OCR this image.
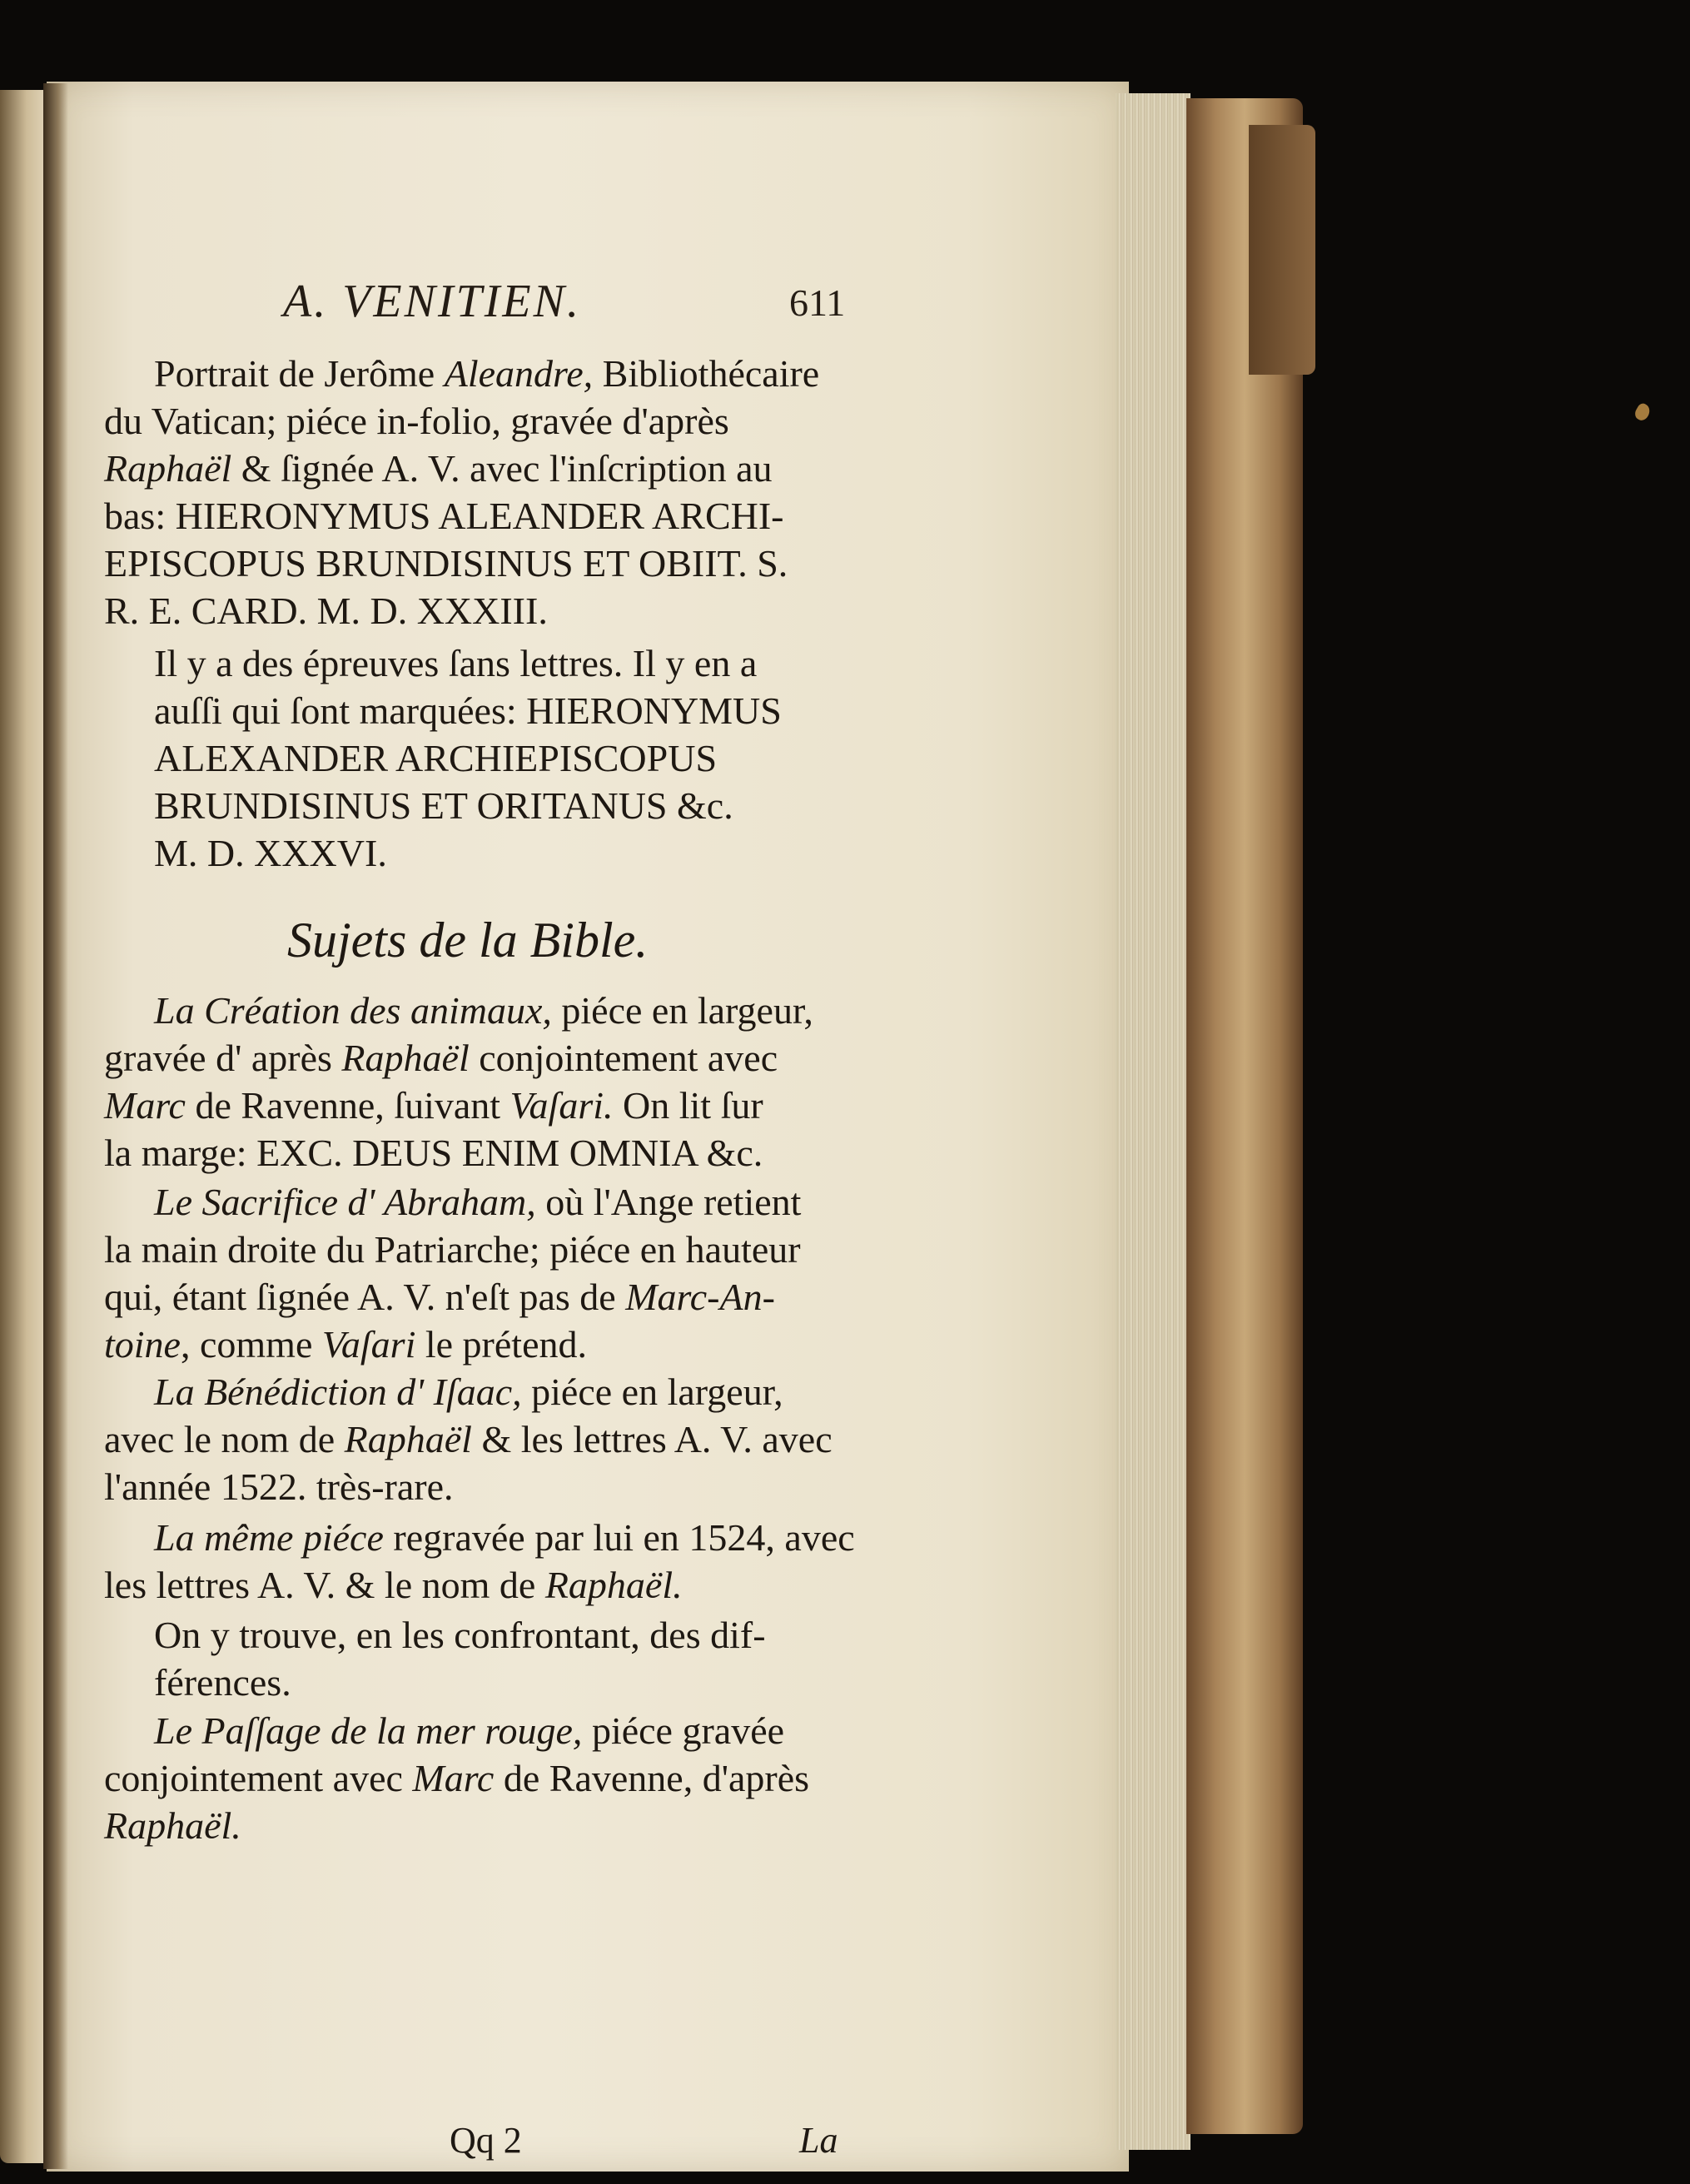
A. VENITIEN.	611
Portrait de Jerôme Aleandre, Bibliothécaire
du Vatican; piéce in-folio, gravée d'après
Raphaël & ſignée A. V. avec l'inſcription au
bas: HIERONYMUS ALEANDER ARCHI-
EPISCOPUS BRUNDISINUS ET OBIIT. S.
R. E. CARD. M. D. XXXIII.
Il y a des épreuves ſans lettres. Il y en a
auſſi qui ſont marquées: HIERONYMUS
ALEXANDER ARCHIEPISCOPUS
BRUNDISINUS ET ORITANUS &c.
M. D. XXXVI.
Sujets de la Bible.
La Création des animaux, piéce en largeur,
gravée d' après Raphaël conjointement avec
Marc de Ravenne, ſuivant Vaſari. On lit ſur
la marge: EXC. DEUS ENIM OMNIA &c.
Le Sacrifice d' Abraham, où l'Ange retient
la main droite du Patriarche; piéce en hauteur
qui, étant ſignée A. V. n'eſt pas de Marc-An-
toine, comme Vaſari le prétend.
La Bénédiction d' Iſaac, piéce en largeur,
avec le nom de Raphaël & les lettres A. V. avec
l'année 1522. très-rare.
La même piéce regravée par lui en 1524, avec
les lettres A. V. & le nom de Raphaël.
On y trouve, en les confrontant, des dif-
férences.
Le Paſſage de la mer rouge, piéce gravée
conjointement avec Marc de Ravenne, d'après
Raphaël.
Qq 2	La
